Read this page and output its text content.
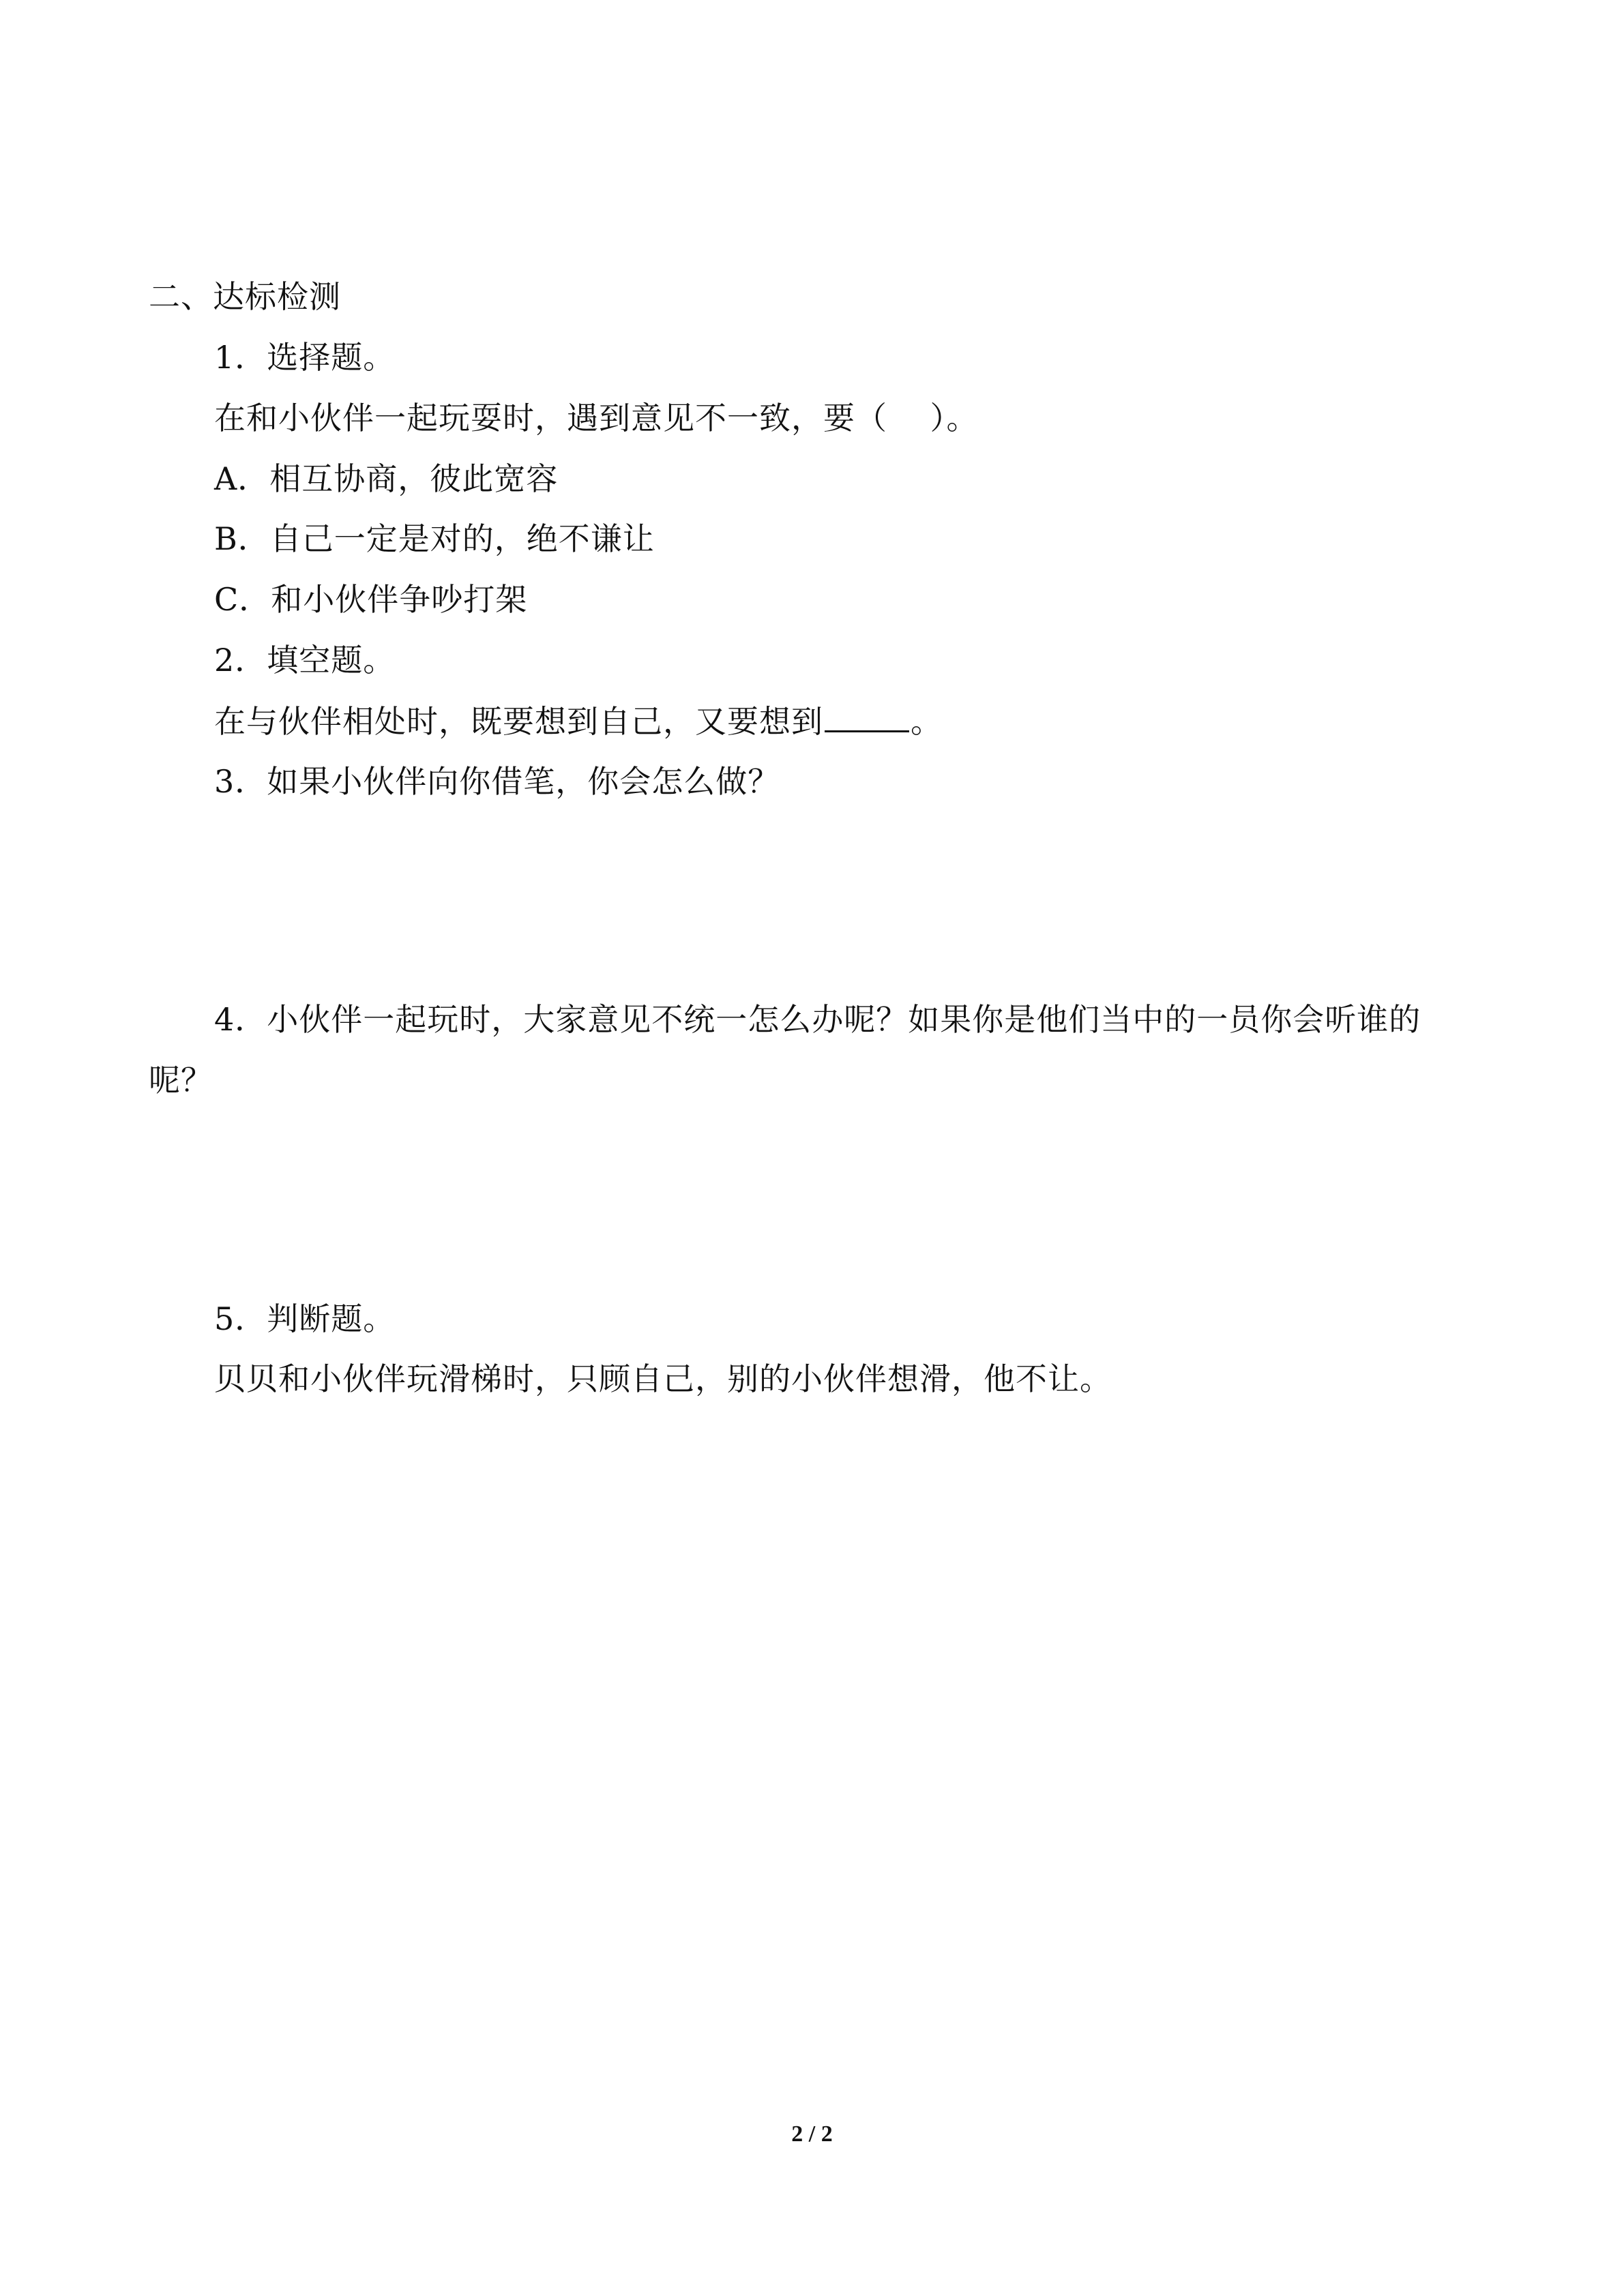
二、达标检测
1．选择题。
在和小伙伴一起玩耍时，遇到意见不一致，要（    ）。
A．相互协商，彼此宽容
B．自己一定是对的，绝不谦让
C．和小伙伴争吵打架
2．填空题。
在与伙伴相处时，既要想到自己，又要想到	。
3．如果小伙伴向你借笔，你会怎么做？
4．小伙伴一起玩时，大家意见不统一怎么办呢？如果你是他们当中的一员你会听谁的
呢？
5．判断题。
贝贝和小伙伴玩滑梯时，只顾自己，别的小伙伴想滑，他不让。
2 / 2
